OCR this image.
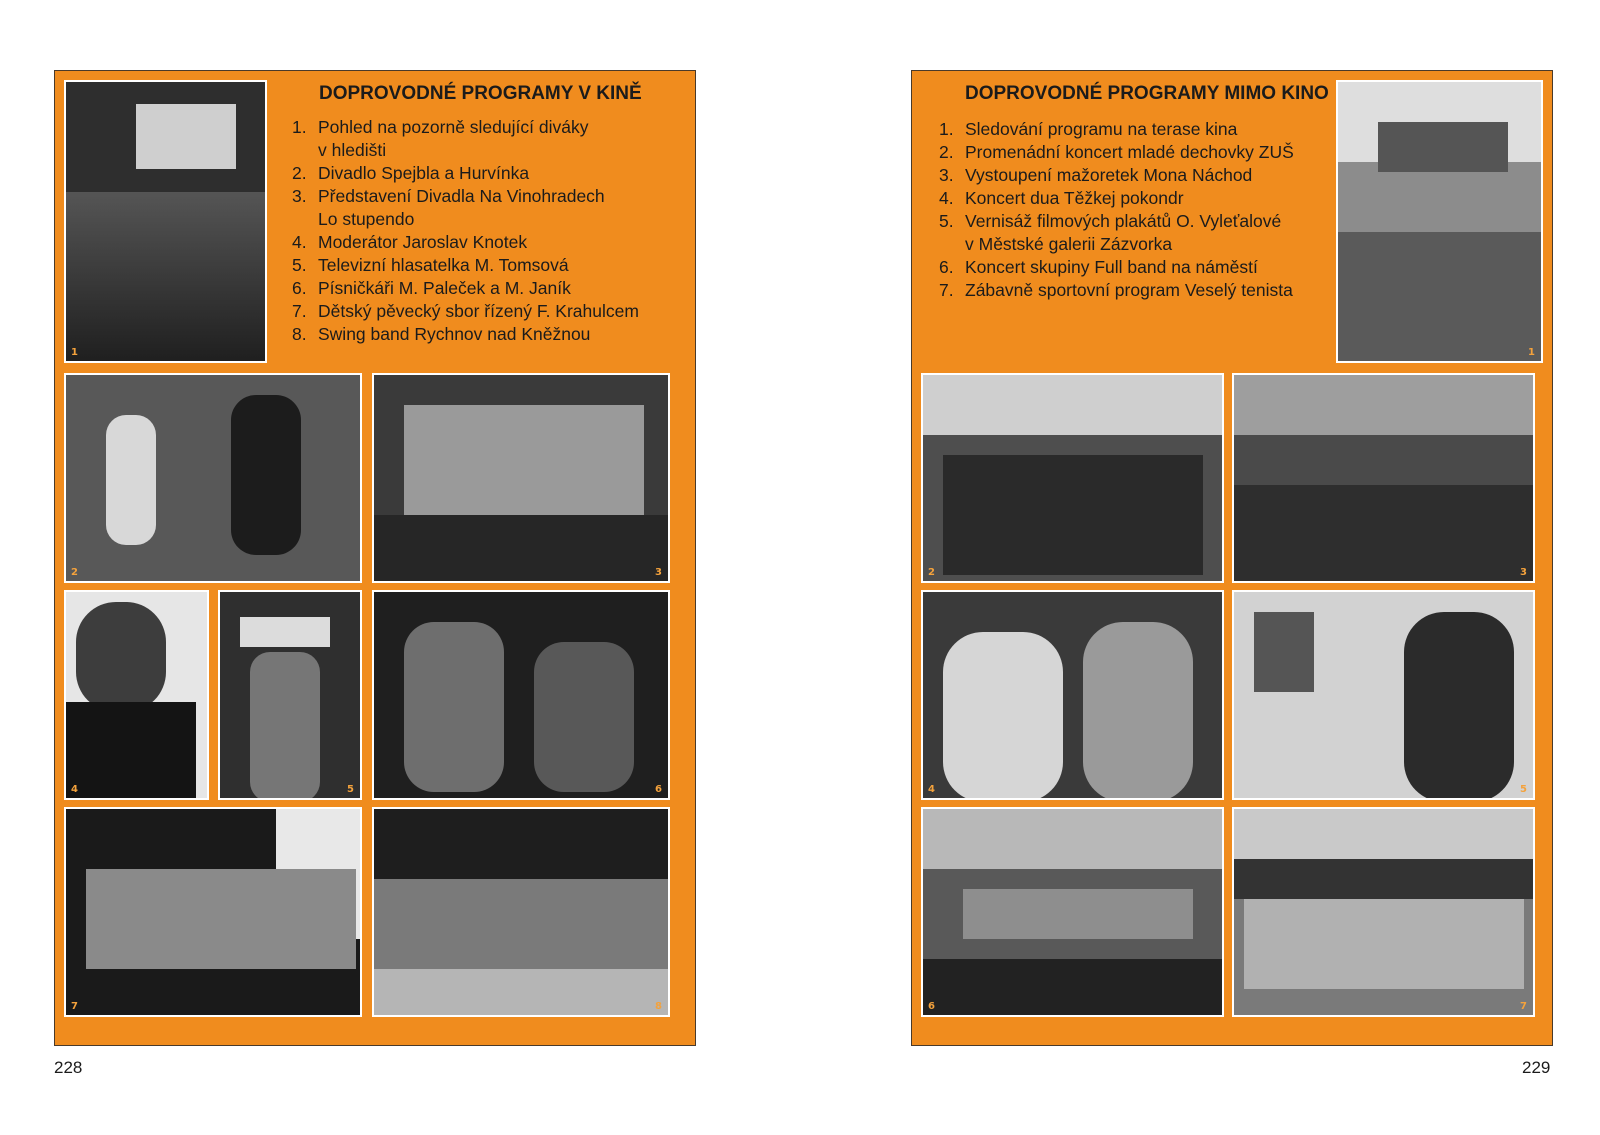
1
DOPROVODNÉ PROGRAMY V KINĚ
1. Pohled na pozorně sledující diváky
v hledišti
2. Divadlo Spejbla a Hurvínka
3. Představení Divadla Na Vinohradech
Lo stupendo
4. Moderátor Jaroslav Knotek
5. Televizní hlasatelka M. Tomsová
6. Písničkáři M. Paleček a M. Janík
7. Dětský pěvecký sbor řízený F. Krahulcem
8. Swing band Rychnov nad Kněžnou
2	3
4	5	6
7	8
228
DOPROVODNÉ PROGRAMY MIMO KINO
1. Sledování programu na terase kina
2. Promenádní koncert mladé dechovky ZUŠ
3. Vystoupení mažoretek Mona Náchod
4. Koncert dua Těžkej pokondr
5. Vernisáž filmových plakátů O. Vyleťalové
v Městské galerii Zázvorka
6. Koncert skupiny Full band na náměstí
7. Zábavně sportovní program Veselý tenista
1
2	3
4	5
6	7
229
